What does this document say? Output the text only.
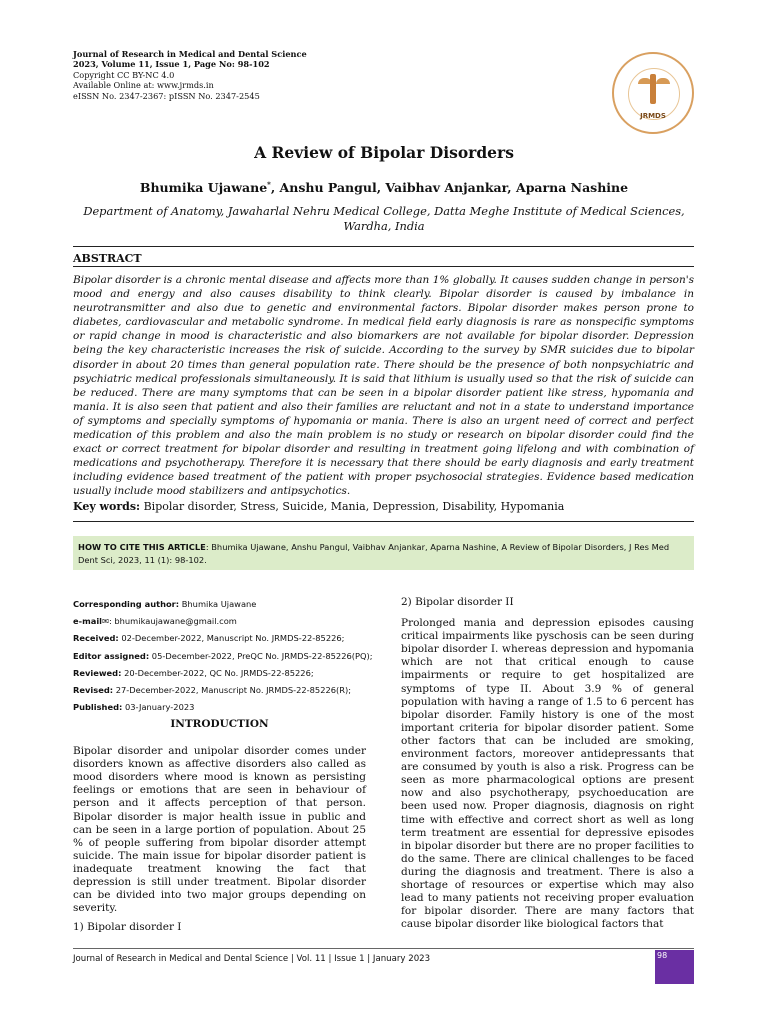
Journal of Research in Medical and Dental Science
2023, Volume 11, Issue 1, Page No: 98-102
Copyright CC BY-NC 4.0
Available Online at: www.jrmds.in
eISSN No. 2347-2367: pISSN No. 2347-2545
JRMDS
A Review of Bipolar Disorders
Bhumika Ujawane*, Anshu Pangul, Vaibhav Anjankar, Aparna Nashine
Department of Anatomy, Jawaharlal Nehru Medical College, Datta Meghe Institute of Medical Sciences, Wardha, India
ABSTRACT
Bipolar disorder is a chronic mental disease and affects more than 1% globally. It causes sudden change in person's mood and energy and also causes disability to think clearly. Bipolar disorder is caused by imbalance in neurotransmitter and also due to genetic and environmental factors. Bipolar disorder makes person prone to diabetes, cardiovascular and metabolic syndrome. In medical field early diagnosis is rare as nonspecific symptoms or rapid change in mood is characteristic and also biomarkers are not available for bipolar disorder. Depression being the key characteristic increases the risk of suicide. According to the survey by SMR suicides due to bipolar disorder in about 20 times than general population rate. There should be the presence of both nonpsychiatric and psychiatric medical professionals simultaneously. It is said that lithium is usually used so that the risk of suicide can be reduced. There are many symptoms that can be seen in a bipolar disorder patient like stress, hypomania and mania. It is also seen that patient and also their families are reluctant and not in a state to understand importance of symptoms and specially symptoms of hypomania or mania. There is also an urgent need of correct and perfect medication of this problem and also the main problem is no study or research on bipolar disorder could find the exact or correct treatment for bipolar disorder and resulting in treatment going lifelong and with combination of medications and psychotherapy. Therefore it is necessary that there should be early diagnosis and early treatment including evidence based treatment of the patient with proper psychosocial strategies. Evidence based medication usually include mood stabilizers and antipsychotics.
Key words: Bipolar disorder, Stress, Suicide, Mania, Depression, Disability, Hypomania
HOW TO CITE THIS ARTICLE: Bhumika Ujawane, Anshu Pangul, Vaibhav Anjankar, Aparna Nashine, A Review of Bipolar Disorders, J Res Med Dent Sci, 2023, 11 (1): 98-102.
Corresponding author: Bhumika Ujawane
e-mail✉: bhumikaujawane@gmail.com
Received: 02-December-2022, Manuscript No. JRMDS-22-85226;
Editor assigned: 05-December-2022, PreQC No. JRMDS-22-85226(PQ);
Reviewed: 20-December-2022, QC No. JRMDS-22-85226;
Revised: 27-December-2022, Manuscript No. JRMDS-22-85226(R);
Published: 03-January-2023
INTRODUCTION

Bipolar disorder and unipolar disorder comes under disorders known as affective disorders also called as mood disorders where mood is known as persisting feelings or emotions that are seen in behaviour of person and it affects perception of that person. Bipolar disorder is major health issue in public and can be seen in a large portion of population. About 25 % of people suffering from bipolar disorder attempt suicide. The main issue for bipolar disorder patient is inadequate treatment knowing the fact that depression is still under treatment. Bipolar disorder can be divided into two major groups depending on severity.

1) Bipolar disorder I

2) Bipolar disorder II

Prolonged mania and depression episodes causing critical impairments like pyschosis can be seen during bipolar disorder I. whereas depression and hypomania which are not that critical enough to cause impairments or require to get hospitalized are symptoms of type II. About 3.9 % of general population with having a range of 1.5 to 6 percent has bipolar disorder. Family history is one of the most important criteria for bipolar disorder patient. Some other factors that can be included are smoking, environment factors, moreover antidepressants that are consumed by youth is also a risk. Progress can be seen as more pharmacological options are present now and also psychotherapy, psychoeducation are been used now. Proper diagnosis, diagnosis on right time with effective and correct short as well as long term treatment are essential for depressive episodes in bipolar disorder but there are no proper facilities to do the same. There are clinical challenges to be faced during the diagnosis and treatment. There is also a shortage of resources or expertise which may also lead to many patients not receiving proper evaluation for bipolar disorder. There are many factors that cause bipolar disorder like biological factors that

Journal of Research in Medical and Dental Science | Vol. 11 | Issue 1 | January 2023	98
